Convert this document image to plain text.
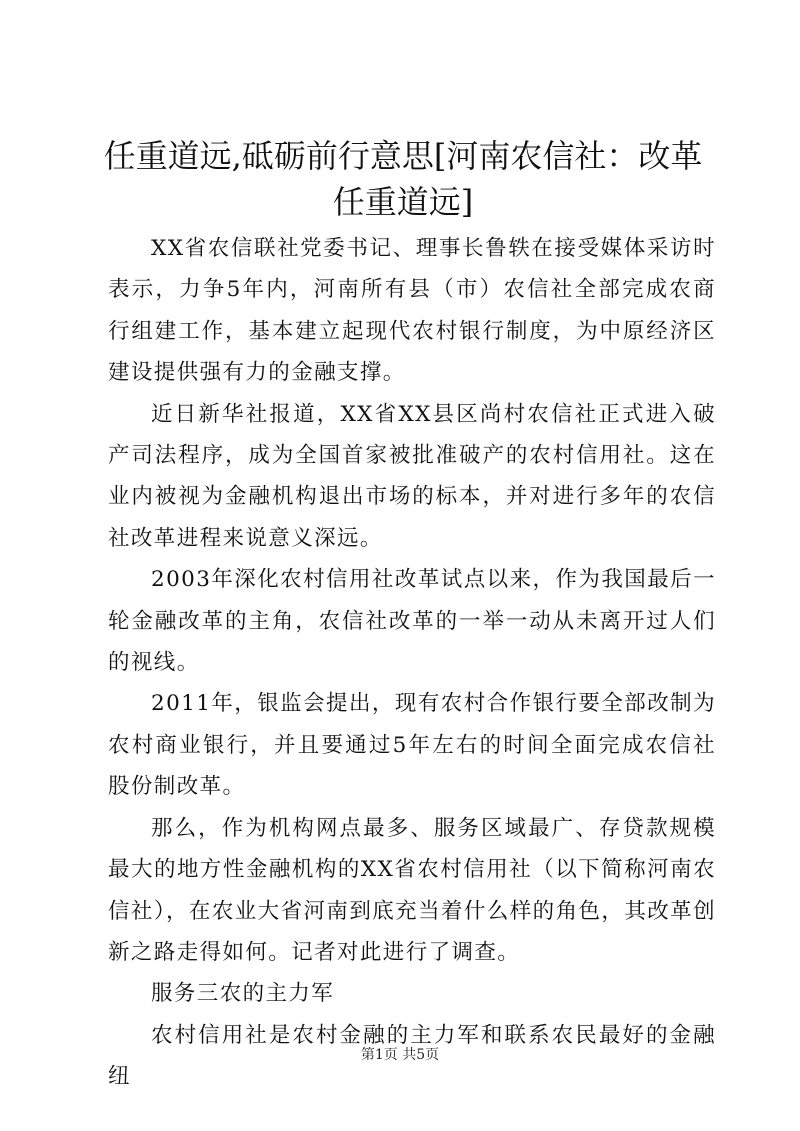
任重道远,砥砺前行意思[河南农信社：改革任重道远]

XX省农信联社党委书记、理事长鲁轶在接受媒体采访时表示，力争5年内，河南所有县（市）农信社全部完成农商行组建工作，基本建立起现代农村银行制度，为中原经济区建设提供强有力的金融支撑。

近日新华社报道，XX省XX县区尚村农信社正式进入破产司法程序，成为全国首家被批准破产的农村信用社。这在业内被视为金融机构退出市场的标本，并对进行多年的农信社改革进程来说意义深远。

2003年深化农村信用社改革试点以来，作为我国最后一轮金融改革的主角，农信社改革的一举一动从未离开过人们的视线。

2011年，银监会提出，现有农村合作银行要全部改制为农村商业银行，并且要通过5年左右的时间全面完成农信社股份制改革。

那么，作为机构网点最多、服务区域最广、存贷款规模最大的地方性金融机构的XX省农村信用社（以下简称河南农信社），在农业大省河南到底充当着什么样的角色，其改革创新之路走得如何。记者对此进行了调查。

服务三农的主力军

农村信用社是农村金融的主力军和联系农民最好的金融纽

第1页 共5页
